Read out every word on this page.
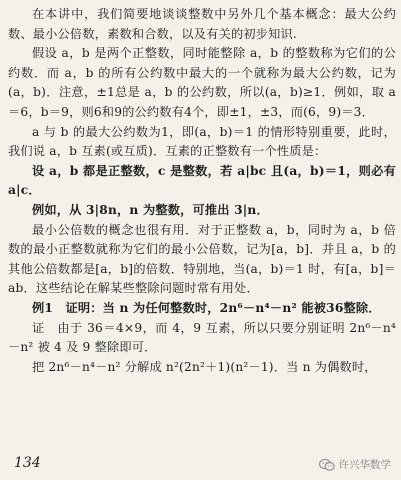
在本讲中，我们简要地谈谈整数中另外几个基本概念：最大公约数、最小公倍数，素数和合数，以及有关的初步知识.

假设 a，b 是两个正整数，同时能整除 a，b 的整数称为它们的公约数．而 a，b 的所有公约数中最大的一个就称为最大公约数，记为(a，b)．注意，±1总是 a，b 的公约数，所以(a，b)≥1．例如，取 a＝6，b＝9，则6和9的公约数有4个，即±1，±3，而(6，9)＝3．

a 与 b 的最大公约数为1，即(a，b)＝1 的情形特别重要，此时，我们说 a，b 互素(或互质)．互素的正整数有一个性质是：

设 a，b 都是正整数，c 是整数，若 a|bc 且(a，b)＝1，则必有 a|c．

例如，从 3|8n，n 为整数，可推出 3|n．

最小公倍数的概念也很有用．对于正整数 a，b，同时为 a，b 倍数的最小正整数就称为它们的最小公倍数，记为[a，b]．并且 a，b 的其他公倍数都是[a，b]的倍数．特别地，当(a，b)＝1 时，有[a，b]＝ab．这些结论在解某些整除问题时常有用处．

例1　证明：当 n 为任何整数时，2n⁶－n⁴－n² 能被36整除．

证　由于 36＝4×9，而 4，9 互素，所以只要分别证明 2n⁶－n⁴－n² 被 4 及 9 整除即可．

把 2n⁶－n⁴－n² 分解成 n²(2n²＋1)(n²－1)．当 n 为偶数时，

134	许兴华数学
